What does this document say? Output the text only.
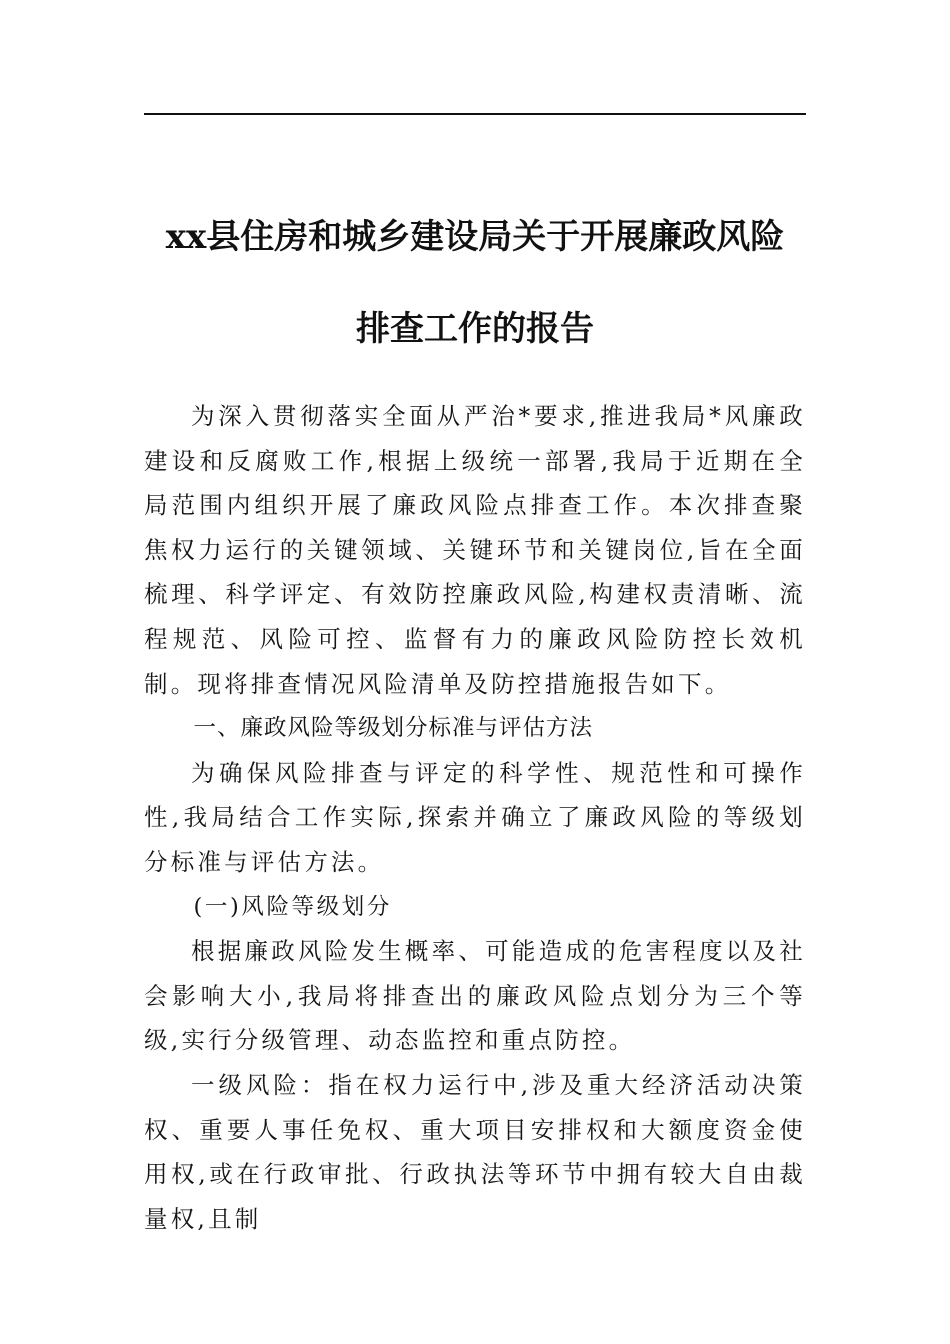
xx县住房和城乡建设局关于开展廉政风险
排查工作的报告

为深入贯彻落实全面从严治*要求,推进我局*风廉政建设和反腐败工作,根据上级统一部署,我局于近期在全局范围内组织开展了廉政风险点排查工作。本次排查聚焦权力运行的关键领域、关键环节和关键岗位,旨在全面梳理、科学评定、有效防控廉政风险,构建权责清晰、流程规范、风险可控、监督有力的廉政风险防控长效机制。现将排查情况风险清单及防控措施报告如下。

一、廉政风险等级划分标准与评估方法

为确保风险排查与评定的科学性、规范性和可操作性,我局结合工作实际,探索并确立了廉政风险的等级划分标准与评估方法。

(一)风险等级划分

根据廉政风险发生概率、可能造成的危害程度以及社会影响大小,我局将排查出的廉政风险点划分为三个等级,实行分级管理、动态监控和重点防控。

一级风险：指在权力运行中,涉及重大经济活动决策权、重要人事任免权、重大项目安排权和大额度资金使用权,或在行政审批、行政执法等环节中拥有较大自由裁量权,且制
